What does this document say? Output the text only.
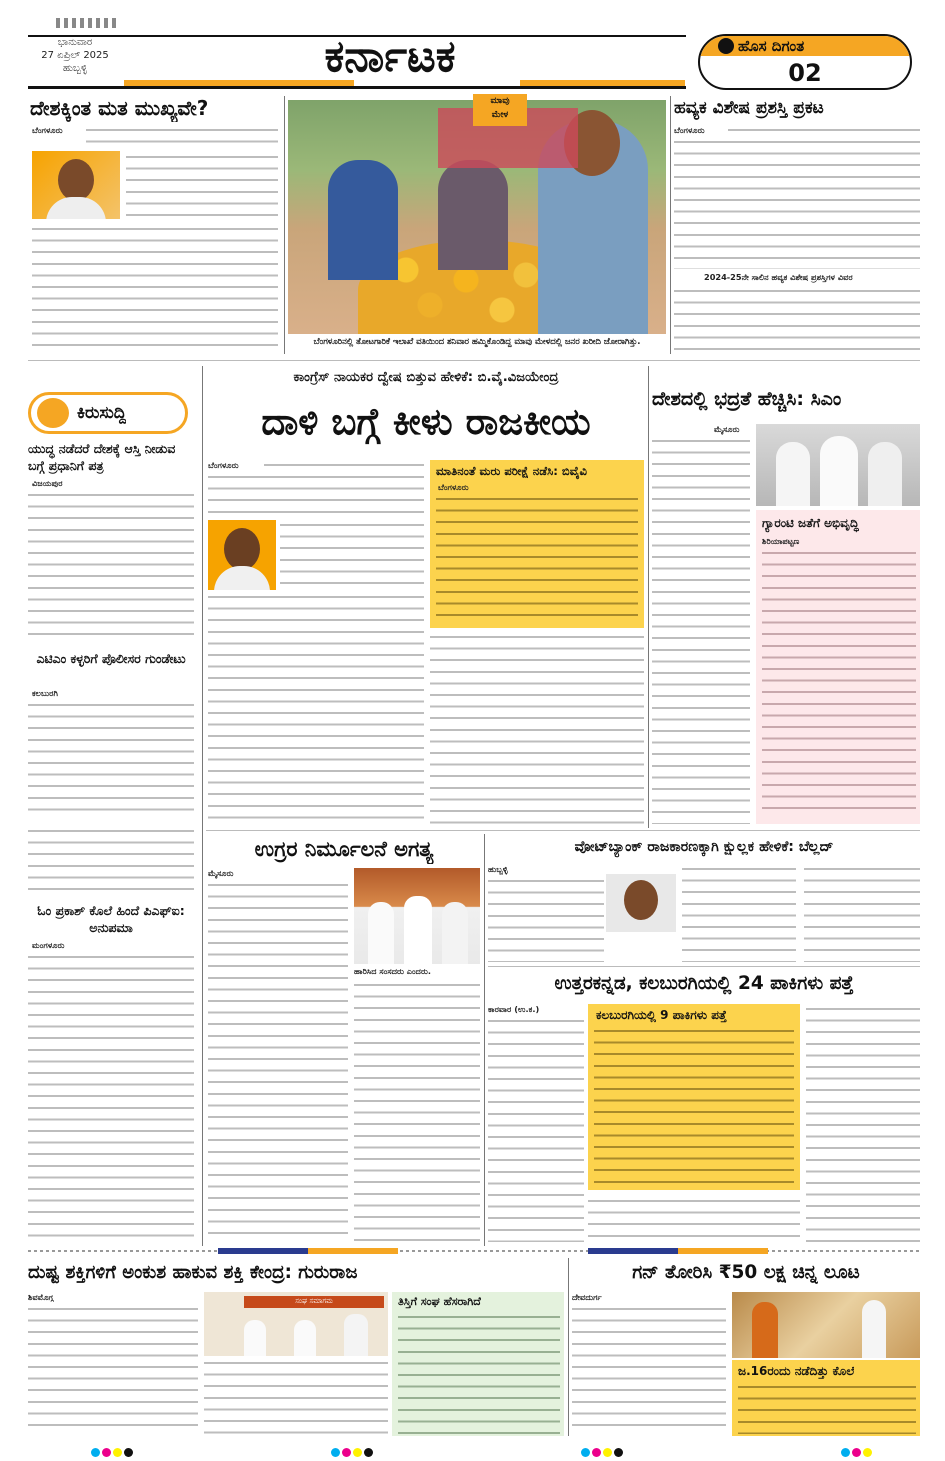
ಭಾನುವಾರ
27 ಏಪ್ರಿಲ್ 2025
ಹುಬ್ಬಳ್ಳಿ	ಕರ್ನಾಟಕ	ಹೊಸ ದಿಗಂತ
02
ದೇಶಕ್ಕಿಂತ ಮತ ಮುಖ್ಯವೇ?
ಬೆಂಗಳೂರು
ಮಾವು
ಮೇಳ
ಬೆಂಗಳೂರಿನಲ್ಲಿ ತೋಟಗಾರಿಕೆ ಇಲಾಖೆ ವತಿಯಿಂದ ಶನಿವಾರ ಹಮ್ಮಿಕೊಂಡಿದ್ದ ಮಾವು ಮೇಳದಲ್ಲಿ ಜನರ ಖರೀದಿ ಜೋರಾಗಿತ್ತು.
ಹವ್ಯಕ ವಿಶೇಷ ಪ್ರಶಸ್ತಿ ಪ್ರಕಟ
ಬೆಂಗಳೂರು
2024-25ನೇ ಸಾಲಿನ ಹವ್ಯಕ ವಿಶೇಷ ಪ್ರಶಸ್ತಿಗಳ ವಿವರ
ಕಿರುಸುದ್ದಿ
ಯುದ್ಧ ನಡೆದರೆ ದೇಶಕ್ಕೆ ಆಸ್ತಿ ನೀಡುವ ಬಗ್ಗೆ ಪ್ರಧಾನಿಗೆ ಪತ್ರ
ವಿಜಯಪುರ
ಎಟಿಎಂ ಕಳ್ಳರಿಗೆ ಪೊಲೀಸರ ಗುಂಡೇಟು
ಕಲಬುರಗಿ
ಓಂ ಪ್ರಕಾಶ್ ಕೊಲೆ ಹಿಂದೆ ಪಿಎಫ್ಐ: ಅನುಪಮಾ
ಮಂಗಳೂರು
ಕಾಂಗ್ರೆಸ್ ನಾಯಕರ ದ್ವೇಷ ಬಿತ್ತುವ ಹೇಳಿಕೆ: ಬಿ.ವೈ.ವಿಜಯೇಂದ್ರ
ದಾಳಿ ಬಗ್ಗೆ ಕೀಳು ರಾಜಕೀಯ
ಬೆಂಗಳೂರು	ಮಾತಿನಂತೆ ಮರು ಪರೀಕ್ಷೆ ನಡೆಸಿ: ಬಿವೈವಿ
ಬೆಂಗಳೂರು
ದೇಶದಲ್ಲಿ ಭದ್ರತೆ ಹೆಚ್ಚಿಸಿ: ಸಿಎಂ
ಮೈಸೂರು
ಗ್ಯಾರಂಟಿ ಜತೆಗೆ ಅಭಿವೃದ್ಧಿ
ಶಿರಿಯಾಪಟ್ಟಣ
ಉಗ್ರರ ನಿರ್ಮೂಲನೆ ಅಗತ್ಯ
ಮೈಸೂರು
ಹಾರಿಸಿದ ಸಂಸದರು ಎಂದರು.
ವೋಟ್‌ಬ್ಯಾಂಕ್ ರಾಜಕಾರಣಕ್ಕಾಗಿ ಕ್ಷುಲ್ಲಕ ಹೇಳಿಕೆ: ಬೆಲ್ಲದ್
ಹುಬ್ಬಳ್ಳಿ
ಉತ್ತರಕನ್ನಡ, ಕಲಬುರಗಿಯಲ್ಲಿ 24 ಪಾಕಿಗಳು ಪತ್ತೆ
ಕಾರವಾರ (ಉ.ಕ.)	ಕಲಬುರಗಿಯಲ್ಲಿ 9 ಪಾಕಿಗಳು ಪತ್ತೆ
ದುಷ್ಟ ಶಕ್ತಿಗಳಿಗೆ ಅಂಕುಶ ಹಾಕುವ ಶಕ್ತಿ ಕೇಂದ್ರ: ಗುರುರಾಜ
ಶಿವಮೊಗ್ಗ	ಸಂಘ ಸಮಾಗಮ	ತಿಸ್ತಿಗೆ ಸಂಘ ಹೆಸರಾಗಿದೆ
ಗನ್ ತೋರಿಸಿ ₹50 ಲಕ್ಷ ಚಿನ್ನ ಲೂಟ
ದೇವದುರ್ಗ
ಜ.16ರಂದು ನಡೆದಿತ್ತು ಕೊಲೆ
